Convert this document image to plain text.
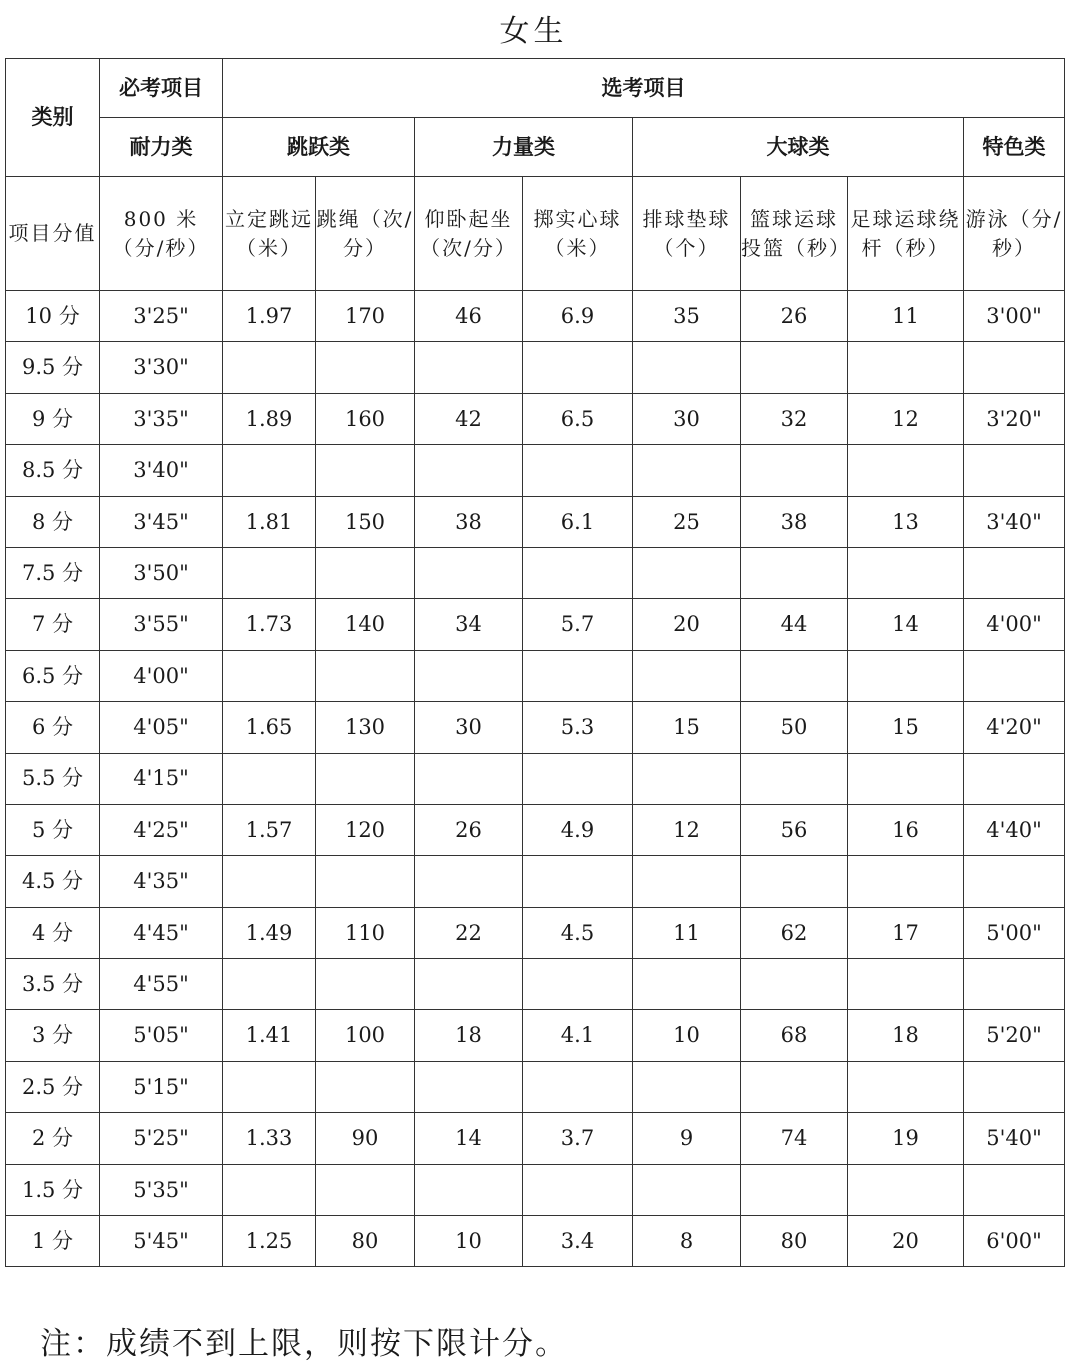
女生
类别	必考项目	选考项目							
	耐力类	跳跃类		力量类		大球类			特色类
项目分值	800 米（分/秒）	立定跳远（米）	跳绳（次/分）	仰卧起坐（次/分）	掷实心球（米）	排球垫球（个）	篮球运球投篮（秒）	足球运球绕杆（秒）	游泳（分/秒）
10 分	3'25"	1.97	170	46	6.9	35	26	11	3'00"
9.5 分	3'30"								
9 分	3'35"	1.89	160	42	6.5	30	32	12	3'20"
8.5 分	3'40"								
8 分	3'45"	1.81	150	38	6.1	25	38	13	3'40"
7.5 分	3'50"								
7 分	3'55"	1.73	140	34	5.7	20	44	14	4'00"
6.5 分	4'00"								
6 分	4'05"	1.65	130	30	5.3	15	50	15	4'20"
5.5 分	4'15"								
5 分	4'25"	1.57	120	26	4.9	12	56	16	4'40"
4.5 分	4'35"								
4 分	4'45"	1.49	110	22	4.5	11	62	17	5'00"
3.5 分	4'55"								
3 分	5'05"	1.41	100	18	4.1	10	68	18	5'20"
2.5 分	5'15"								
2 分	5'25"	1.33	90	14	3.7	9	74	19	5'40"
1.5 分	5'35"								
1 分	5'45"	1.25	80	10	3.4	8	80	20	6'00"
注：成绩不到上限，则按下限计分。
